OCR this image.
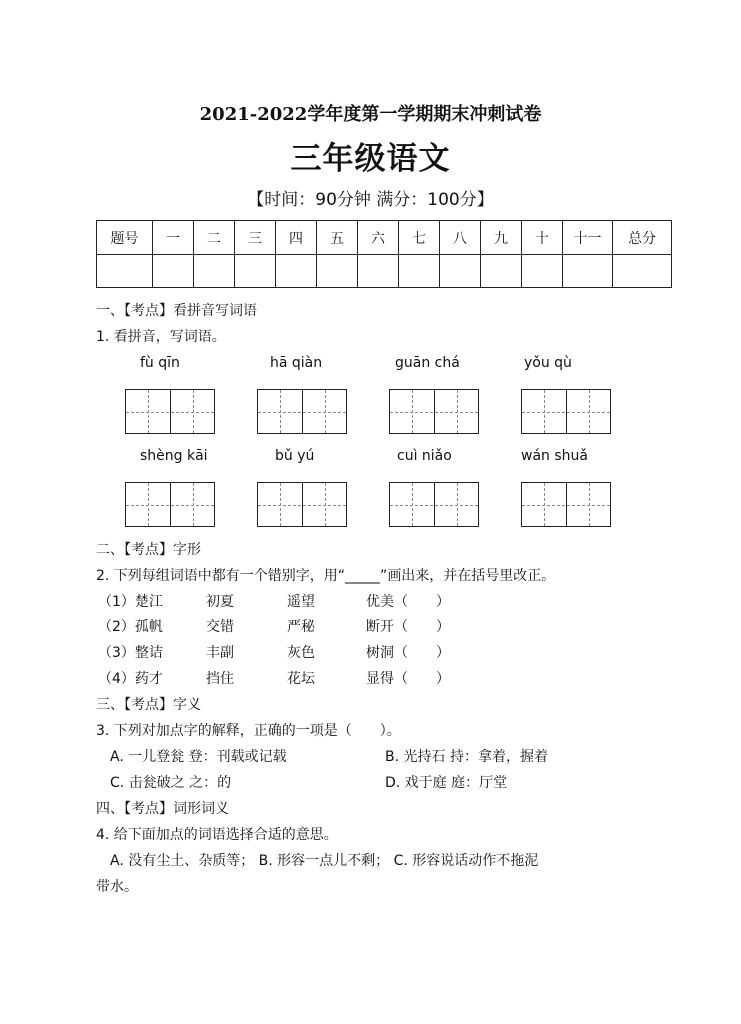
2021-2022学年度第一学期期末冲刺试卷
三年级语文
【时间：90分钟 满分：100分】
题号	一	二	三	四	五	六	七	八	九	十	十一	总分

一、【考点】看拼音写词语
1. 看拼音，写词语。
fù qīn	hā qiàn	guān chá	yǒu qù
shèng kāi	bǔ yú	cuì niǎo	wán shuǎ
二、【考点】字形
2. 下列每组词语中都有一个错别字，用“_____”画出来，并在括号里改正。
（1）楚江	初夏	遥望	优美（　　）
（2）孤帆	交错	严秘	断开（　　）
（3）整诘	丰副	灰色	树洞（　　）
（4）药才	挡住	花坛	显得（　　）
三、【考点】字义
3. 下列对加点字的解释，正确的一项是（　　）。
A. 一儿登瓮 登：刊载或记载	B. 光持石 持：拿着，握着
C. 击瓮破之 之：的	D. 戏于庭 庭：厅堂
四、【考点】词形词义
4. 给下面加点的词语选择合适的意思。
A. 没有尘土、杂质等； B. 形容一点儿不剩； C. 形容说话动作不拖泥
带水。
